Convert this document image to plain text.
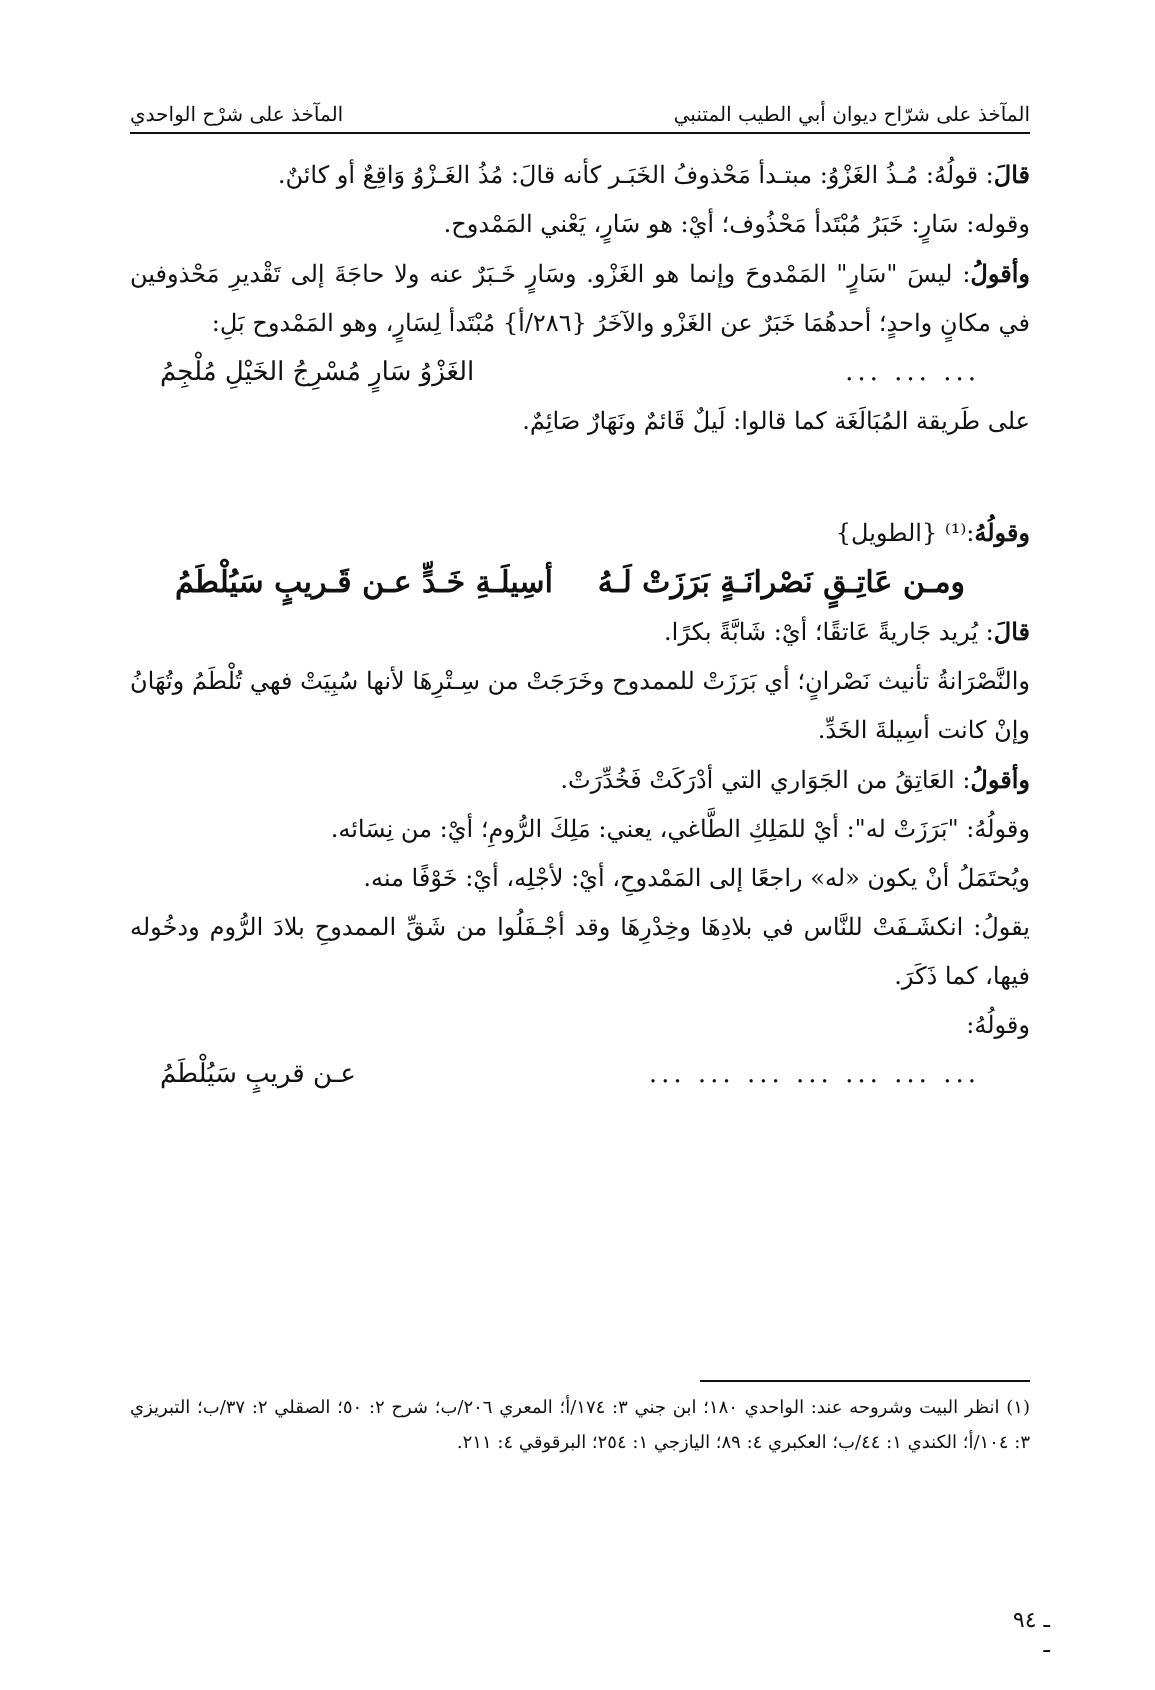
المآخذ على شرّاح ديوان أبي الطيب المتنبي
المآخذ على شرْح الواحدي

قالَ: قولُهُ: مُـذُ الغَزْوُ: مبتـدأ مَحْذوفُ الخَبَـر كأنه قالَ: مُذُ الغَـزْوُ وَاقِعٌ أو كائنٌ.

وقوله: سَارٍ: خَبَرُ مُبْتَدأ مَحْذُوف؛ أيْ: هو سَارٍ، يَعْني المَمْدوح.

وأقولُ: ليسَ "سَارٍ" المَمْدوحَ وإنما هو الغَزْو. وسَارٍ خَـبَرٌ عنه ولا حاجَةَ إلى تَقْديرِ مَحْذوفين في مكانٍ واحدٍ؛ أحدهُمَا خَبَرٌ عن الغَزْو والآخَرُ {٢٨٦/أ} مُبْتَدأ لِسَارٍ، وهو المَمْدوح بَلِ:

... ... ...
الغَزْوُ سَارٍ مُسْرِجُ الخَيْلِ مُلْجِمُ

على طَريقة المُبَالَغَة كما قالوا: لَيلٌ قَائمٌ ونَهَارٌ صَائِمٌ.

وقولُهُ:⁽¹⁾ {الطويل}

ومـن عَاتِـقٍ نَصْرانَـةٍ بَرَزَتْ لَـهُ
أسِيلَـةِ خَـدٍّ عـن قَـريبٍ سَيُلْطَمُ

قالَ: يُريد جَاريةً عَاتقًا؛ أيْ: شَابَّةً بكرًا.

والنَّصْرَانةُ تأنيث نَصْرانٍ؛ أي بَرَزَتْ للممدوح وخَرَجَتْ من سِـتْرِهَا لأنها سُبِيَتْ فهي تُلْطَمُ وتُهَانُ وإنْ كانت أسِيلةَ الخَدِّ.

وأقولُ: العَاتِقُ من الجَوَاري التي أدْرَكَتْ فَخُدِّرَتْ.

وقولُهُ: "بَرَزَتْ له": أيْ للمَلِكِ الطَّاغي، يعني: مَلِكَ الرُّومِ؛ أيْ: من نِسَائه.

ويُحتَمَلُ أنْ يكون «له» راجعًا إلى المَمْدوحِ، أيْ: لأجْلِه، أيْ: خَوْفًا منه.

يقولُ: انكشَـفَتْ للنَّاس في بلادِهَا وخِدْرِهَا وقد أجْـفَلُوا من شَقِّ الممدوحِ بلادَ الرُّوم ودخُوله فيها، كما ذَكَرَ.

وقولُهُ:

... ... ... ... ... ... ...
عـن قريبٍ سَيُلْطَمُ

(١) انظر البيت وشروحه عند: الواحدي ١٨٠؛ ابن جني ٣: ١٧٤/أ؛ المعري ٢٠٦/ب؛ شرح ٢: ٥٠؛ الصقلي ٢: ٣٧/ب؛ التبريزي ٣: ١٠٤/أ؛ الكندي ١: ٤٤/ب؛ العكبري ٤: ٨٩؛ اليازجي ١: ٢٥٤؛ البرقوقي ٤: ٢١١.

ـ ٩٤ ـ
